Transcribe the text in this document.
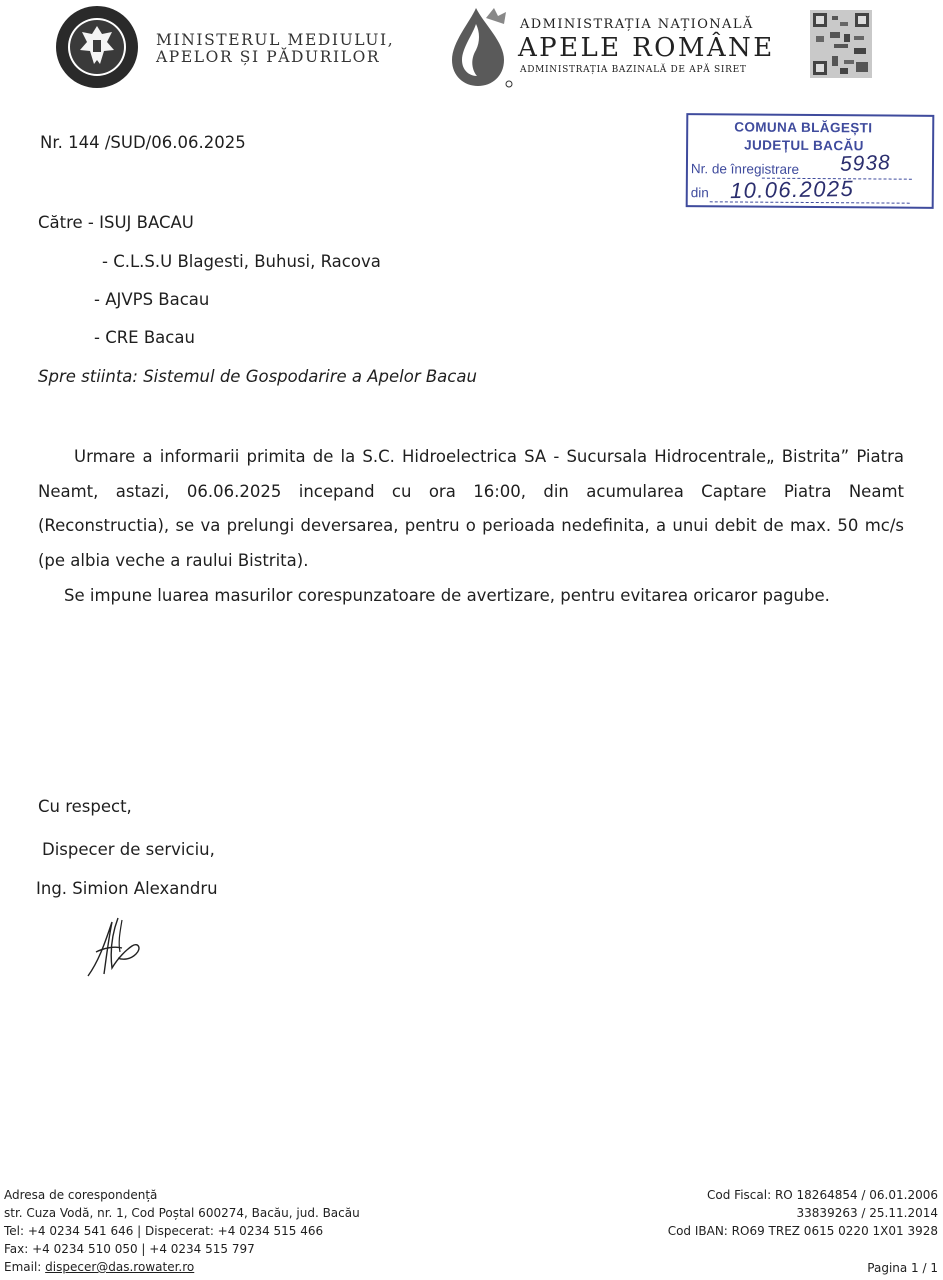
MINISTERUL MEDIULUI,
APELOR ȘI PĂDURILOR
ADMINISTRAȚIA NAȚIONALĂ
APELE ROMÂNE
ADMINISTRAȚIA BAZINALĂ DE APĂ SIRET
COMUNA BLĂGEȘTI
JUDEȚUL BACĂU
Nr. de înregistrare
din
5938
10.06.2025
Nr. 144 /SUD/06.06.2025
Către - ISUJ BACAU
- C.L.S.U Blagesti, Buhusi, Racova
- AJVPS Bacau
- CRE Bacau
Spre stiinta: Sistemul de Gospodarire a Apelor Bacau
Urmare a informarii primita de la S.C. Hidroelectrica SA - Sucursala Hidrocentrale„ Bistrita” Piatra Neamt, astazi, 06.06.2025 incepand cu ora 16:00, din acumularea Captare Piatra Neamt (Reconstructia), se va prelungi deversarea, pentru o perioada nedefinita, a unui debit de max. 50 mc/s (pe albia veche a raului Bistrita).
Se impune luarea masurilor corespunzatoare de avertizare, pentru evitarea oricaror pagube.
Cu respect,
Dispecer de serviciu,
Ing. Simion Alexandru
Adresa de corespondență
str. Cuza Vodă, nr. 1, Cod Poștal 600274, Bacău, jud. Bacău
Tel: +4 0234 541 646 | Dispecerat: +4 0234 515 466
Fax: +4 0234 510 050 | +4 0234 515 797
Email: dispecer@das.rowater.ro
Cod Fiscal: RO 18264854 / 06.01.2006
33839263 / 25.11.2014
Cod IBAN: RO69 TREZ 0615 0220 1X01 3928
Pagina 1 / 1
